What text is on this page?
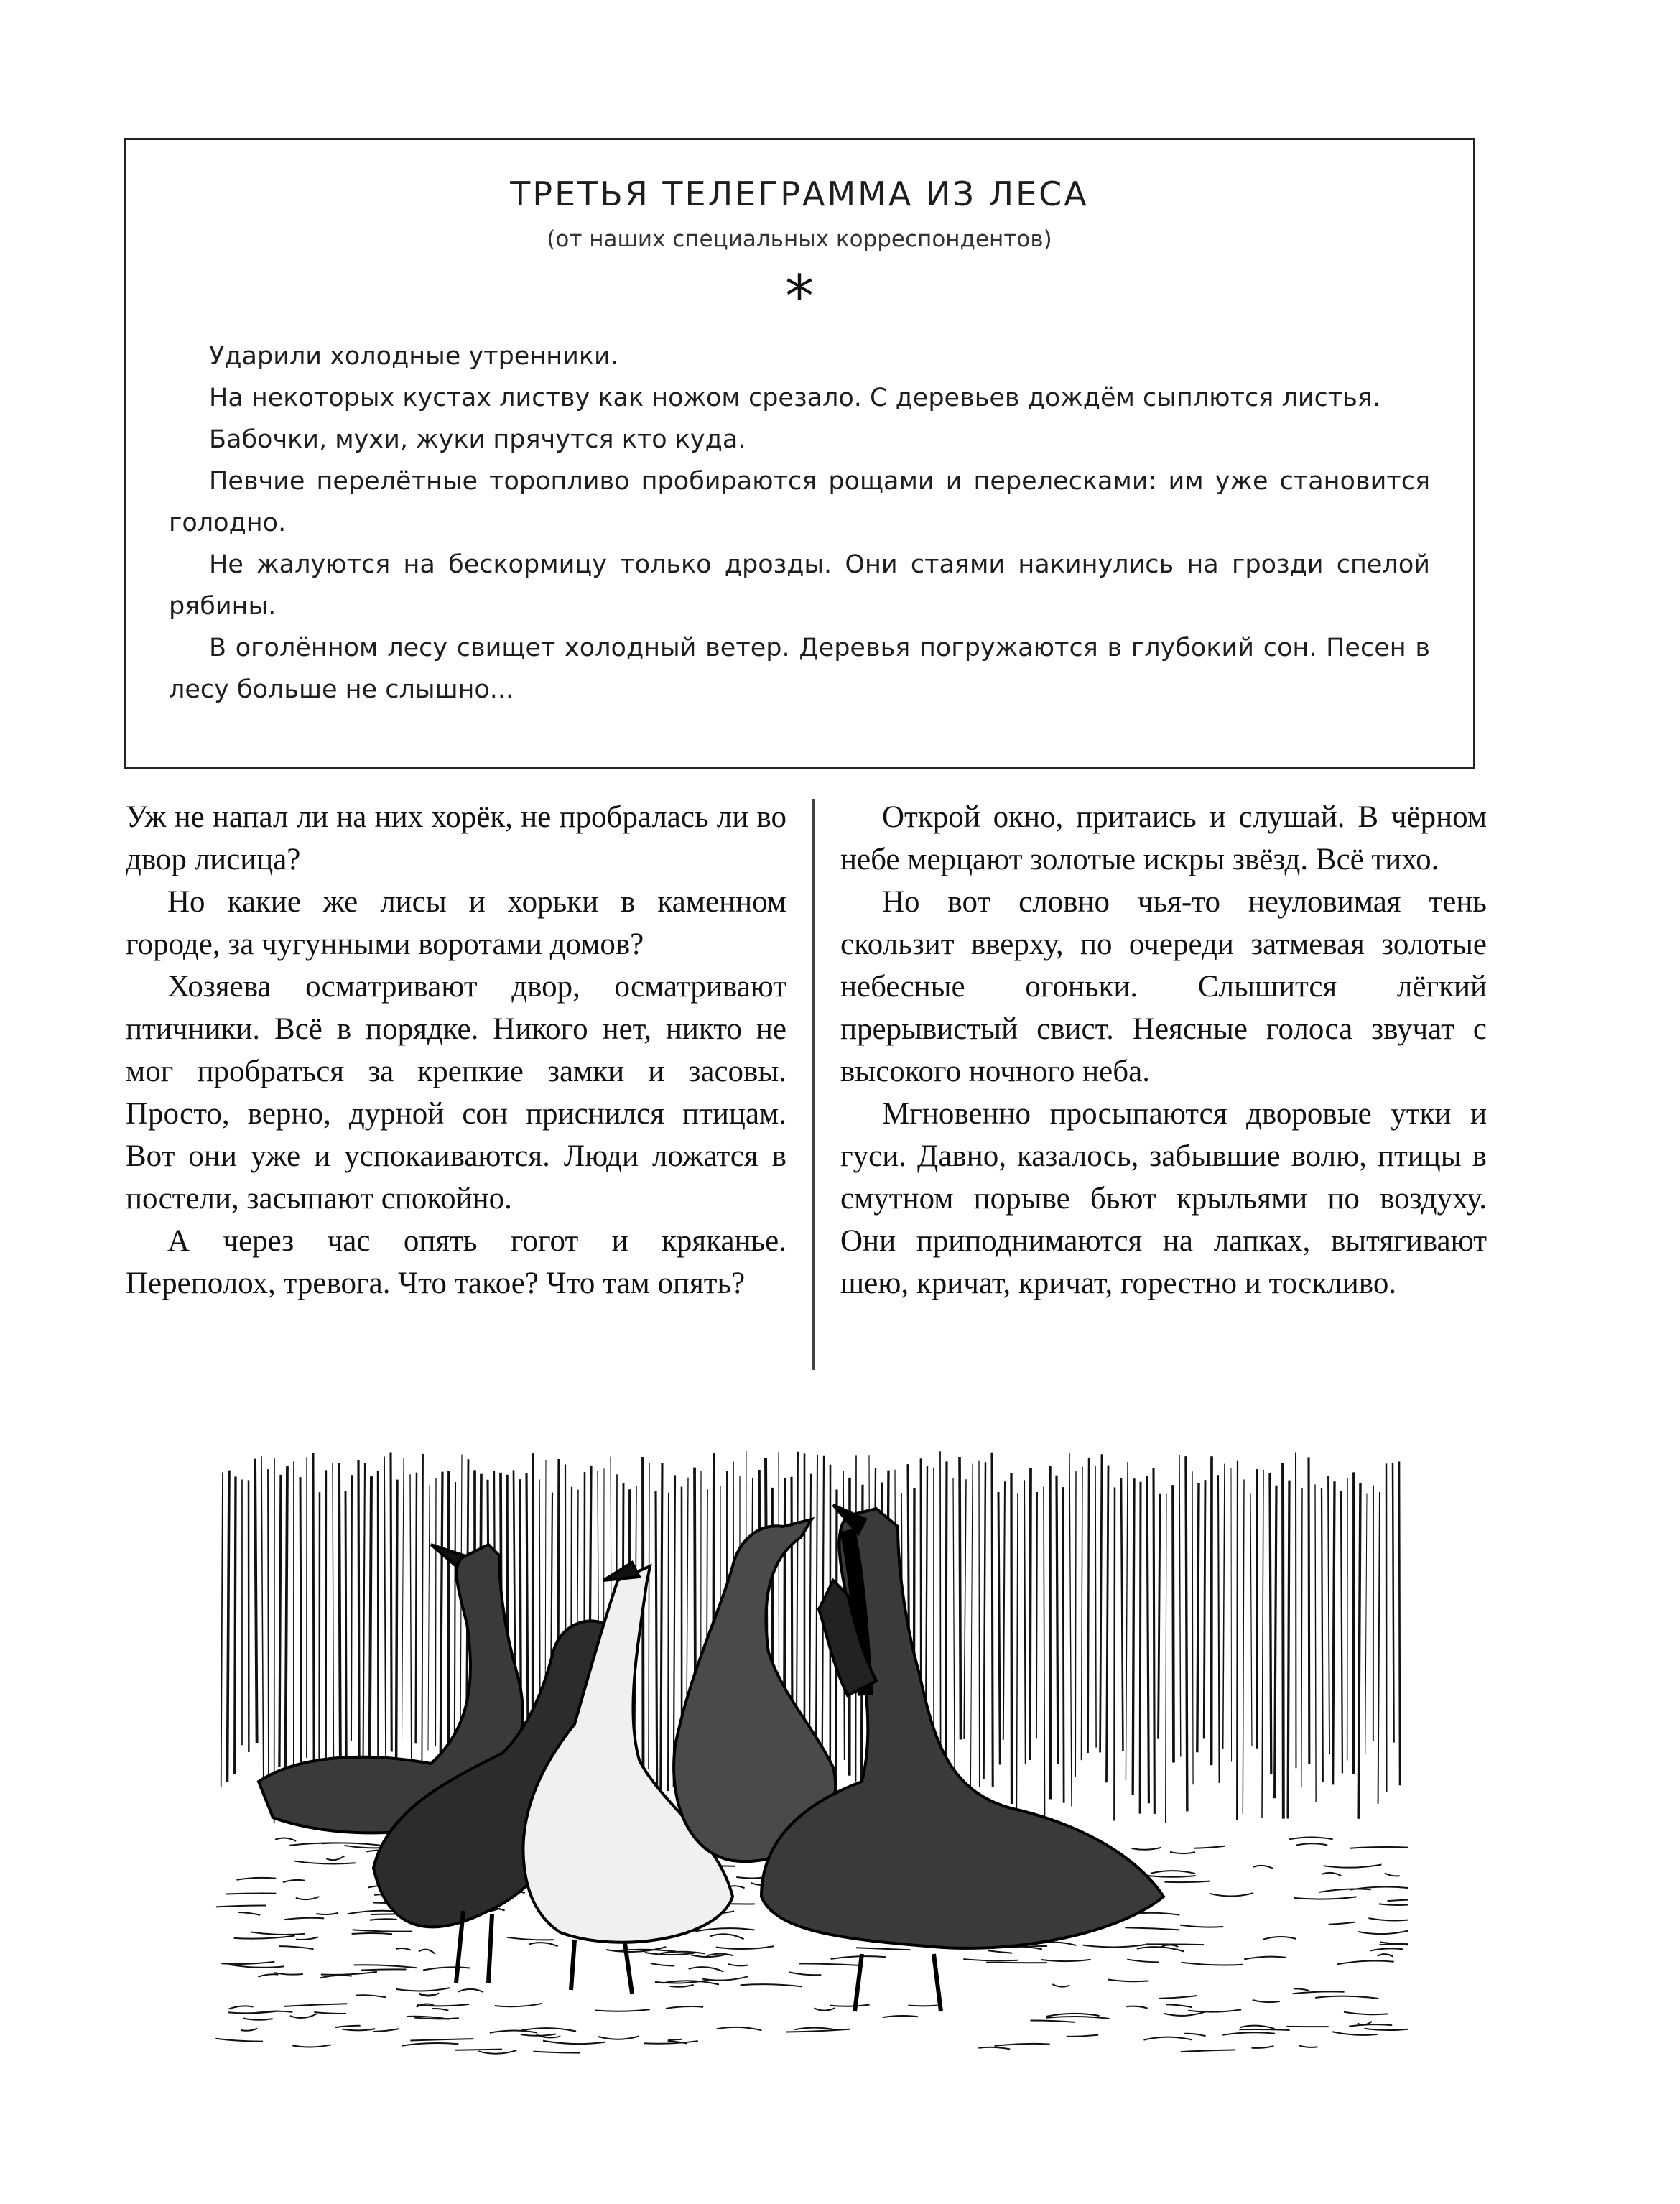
ТРЕТЬЯ ТЕЛЕГРАММА ИЗ ЛЕСА
(от наших специальных корреспондентов)
*

Ударили холодные утренники.

На некоторых кустах листву как ножом срезало. С деревьев дождём сыплются листья.

Бабочки, мухи, жуки прячутся кто куда.

Певчие перелётные торопливо пробираются рощами и перелесками: им уже становится голодно.

Не жалуются на бескормицу только дрозды. Они стаями накинулись на грозди спелой рябины.

В оголённом лесу свищет холодный ветер. Деревья погружаются в глубокий сон. Песен в лесу больше не слышно...

Уж не напал ли на них хорёк, не пробралась ли во двор лисица?

Но какие же лисы и хорьки в каменном городе, за чугунными воротами домов?

Хозяева осматривают двор, осматривают птичники. Всё в порядке. Никого нет, никто не мог пробраться за крепкие замки и засовы. Просто, верно, дурной сон приснился птицам. Вот они уже и успокаиваются. Люди ложатся в постели, засыпают спокойно.

А через час опять гогот и кряканье. Переполох, тревога. Что такое? Что там опять?

Открой окно, притаись и слушай. В чёрном небе мерцают золотые искры звёзд. Всё тихо.

Но вот словно чья-то неуловимая тень скользит вверху, по очереди затмевая золотые небесные огоньки. Слышится лёгкий прерывистый свист. Неясные голоса звучат с высокого ночного неба.

Мгновенно просыпаются дворовые утки и гуси. Давно, казалось, забывшие волю, птицы в смутном порыве бьют крыльями по воздуху. Они приподнимаются на лапках, вытягивают шею, кричат, кричат, горестно и тоскливо.
